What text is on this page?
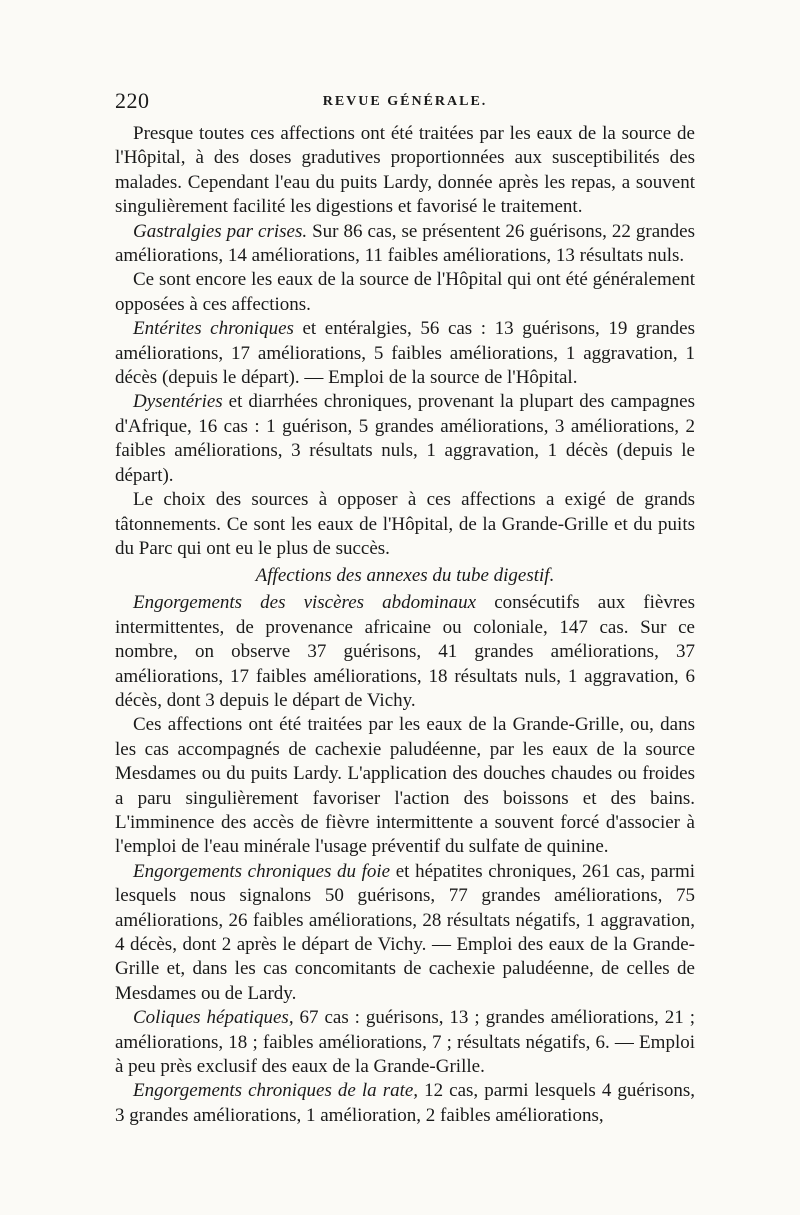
220	REVUE GÉNÉRALE.

Presque toutes ces affections ont été traitées par les eaux de la source de l'Hôpital, à des doses gradutives proportionnées aux susceptibilités des malades. Cependant l'eau du puits Lardy, donnée après les repas, a souvent singulièrement facilité les digestions et favorisé le traitement.

Gastralgies par crises. Sur 86 cas, se présentent 26 guérisons, 22 grandes améliorations, 14 améliorations, 11 faibles améliorations, 13 résultats nuls.

Ce sont encore les eaux de la source de l'Hôpital qui ont été généralement opposées à ces affections.

Entérites chroniques et entéralgies, 56 cas : 13 guérisons, 19 grandes améliorations, 17 améliorations, 5 faibles améliorations, 1 aggravation, 1 décès (depuis le départ). — Emploi de la source de l'Hôpital.

Dysentéries et diarrhées chroniques, provenant la plupart des campagnes d'Afrique, 16 cas : 1 guérison, 5 grandes améliorations, 3 améliorations, 2 faibles améliorations, 3 résultats nuls, 1 aggravation, 1 décès (depuis le départ).

Le choix des sources à opposer à ces affections a exigé de grands tâtonnements. Ce sont les eaux de l'Hôpital, de la Grande-Grille et du puits du Parc qui ont eu le plus de succès.

Affections des annexes du tube digestif.

Engorgements des viscères abdominaux consécutifs aux fièvres intermittentes, de provenance africaine ou coloniale, 147 cas. Sur ce nombre, on observe 37 guérisons, 41 grandes améliorations, 37 améliorations, 17 faibles améliorations, 18 résultats nuls, 1 aggravation, 6 décès, dont 3 depuis le départ de Vichy.

Ces affections ont été traitées par les eaux de la Grande-Grille, ou, dans les cas accompagnés de cachexie paludéenne, par les eaux de la source Mesdames ou du puits Lardy. L'application des douches chaudes ou froides a paru singulièrement favoriser l'action des boissons et des bains. L'imminence des accès de fièvre intermittente a souvent forcé d'associer à l'emploi de l'eau minérale l'usage préventif du sulfate de quinine.

Engorgements chroniques du foie et hépatites chroniques, 261 cas, parmi lesquels nous signalons 50 guérisons, 77 grandes améliorations, 75 améliorations, 26 faibles améliorations, 28 résultats négatifs, 1 aggravation, 4 décès, dont 2 après le départ de Vichy. — Emploi des eaux de la Grande-Grille et, dans les cas concomitants de cachexie paludéenne, de celles de Mesdames ou de Lardy.

Coliques hépatiques, 67 cas : guérisons, 13 ; grandes améliorations, 21 ; améliorations, 18 ; faibles améliorations, 7 ; résultats négatifs, 6. — Emploi à peu près exclusif des eaux de la Grande-Grille.

Engorgements chroniques de la rate, 12 cas, parmi lesquels 4 guérisons, 3 grandes améliorations, 1 amélioration, 2 faibles améliorations,
